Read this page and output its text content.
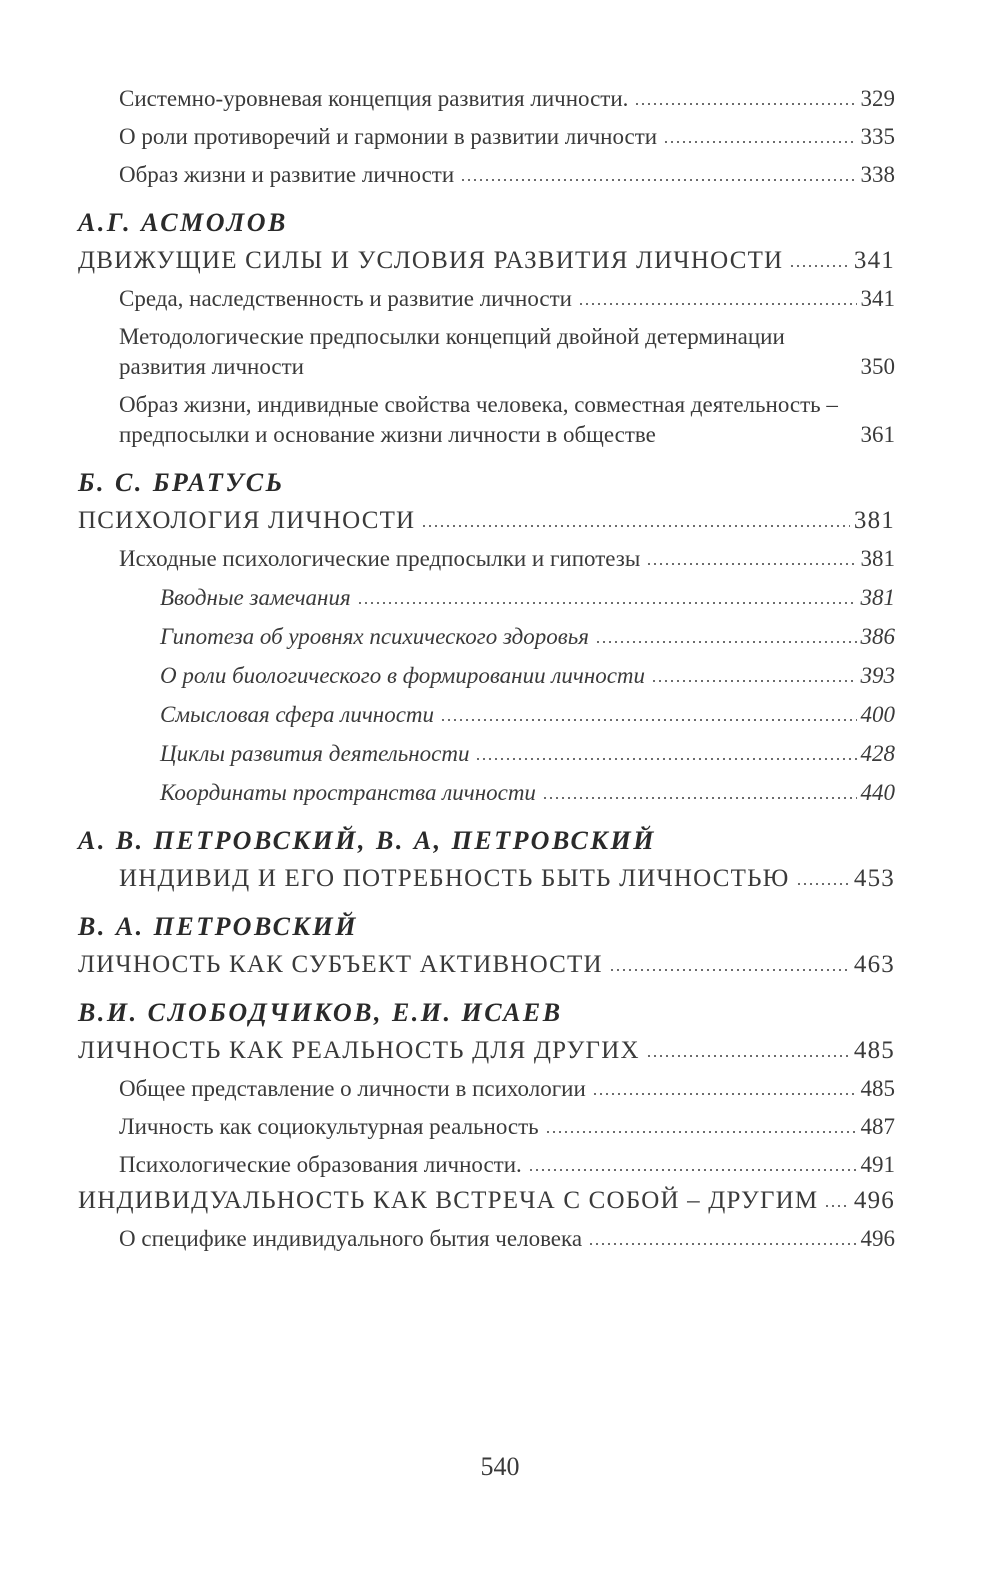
Системно-уровневая концепция развития личности.	329
О роли противоречий и гармонии в развитии личности	335
Образ жизни и развитие личности	338
А.Г. АСМОЛОВ
ДВИЖУЩИЕ СИЛЫ И УСЛОВИЯ РАЗВИТИЯ ЛИЧНОСТИ	341
Среда, наследственность и развитие личности	341
Методологические предпосылки концепций двойной детерминации развития личности	350
Образ жизни, индивидные свойства человека, совместная деятельность – предпосылки и основание жизни личности в обществе	361
Б. С. БРАТУСЬ
ПСИХОЛОГИЯ ЛИЧНОСТИ	381
Исходные психологические предпосылки и гипотезы	381
Вводные замечания	381
Гипотеза об уровнях психического здоровья	386
О роли биологического в формировании личности	393
Смысловая сфера личности	400
Циклы развития деятельности	428
Координаты пространства личности	440
А. В. ПЕТРОВСКИЙ, В. А, ПЕТРОВСКИЙ
ИНДИВИД И ЕГО ПОТРЕБНОСТЬ БЫТЬ ЛИЧНОСТЬЮ	453
В. А. ПЕТРОВСКИЙ
ЛИЧНОСТЬ КАК СУБЪЕКТ АКТИВНОСТИ	463
В.И. СЛОБОДЧИКОВ, Е.И. ИСАЕВ
ЛИЧНОСТЬ КАК РЕАЛЬНОСТЬ ДЛЯ ДРУГИХ	485
Общее представление о личности в психологии	485
Личность как социокультурная реальность	487
Психологические образования личности.	491
ИНДИВИДУАЛЬНОСТЬ КАК ВСТРЕЧА С СОБОЙ – ДРУГИМ 496
О специфике индивидуального бытия человека	496
540
